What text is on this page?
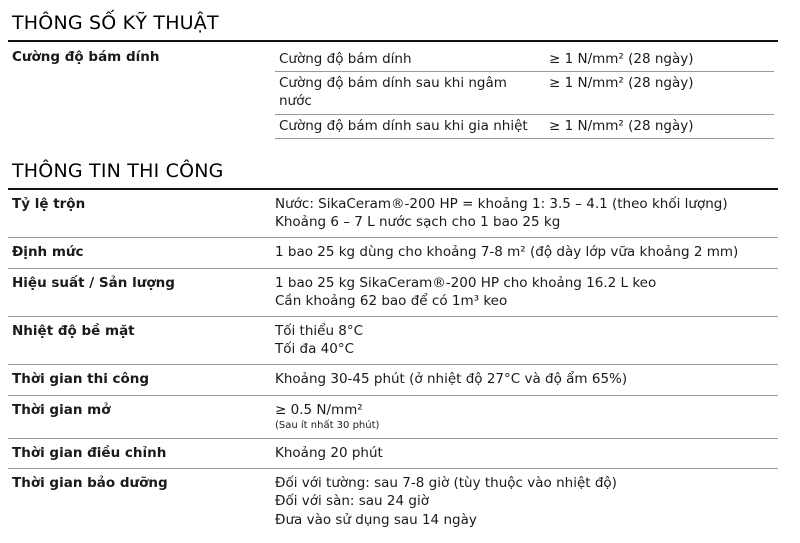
THÔNG SỐ KỸ THUẬT
Cường độ bám dính		Cường độ bám dính	≥ 1 N/mm² (28 ngày)
Cường độ bám dính sau khi ngâm nước	≥ 1 N/mm² (28 ngày)
Cường độ bám dính sau khi gia nhiệt	≥ 1 N/mm² (28 ngày)
THÔNG TIN THI CÔNG
Tỷ lệ trộn	Nước: SikaCeram®-200 HP = khoảng 1: 3.5 – 4.1 (theo khối lượng)
Khoảng 6 – 7 L nước sạch cho 1 bao 25 kg

Định mức	1 bao 25 kg dùng cho khoảng 7-8 m² (độ dày lớp vữa khoảng 2 mm)

Hiệu suất / Sản lượng	1 bao 25 kg SikaCeram®-200 HP cho khoảng 16.2 L keo
Cần khoảng 62 bao để có 1m³ keo

Nhiệt độ bề mặt	Tối thiểu 8°C
Tối đa 40°C

Thời gian thi công	Khoảng 30-45 phút (ở nhiệt độ 27°C và độ ẩm 65%)

Thời gian mở	≥ 0.5 N/mm²
(Sau ít nhất 30 phút)

Thời gian điều chỉnh	Khoảng 20 phút

Thời gian bảo dưỡng	Đối với tường: sau 7-8 giờ (tùy thuộc vào nhiệt độ)
Đối với sàn: sau 24 giờ
Đưa vào sử dụng sau 14 ngày
